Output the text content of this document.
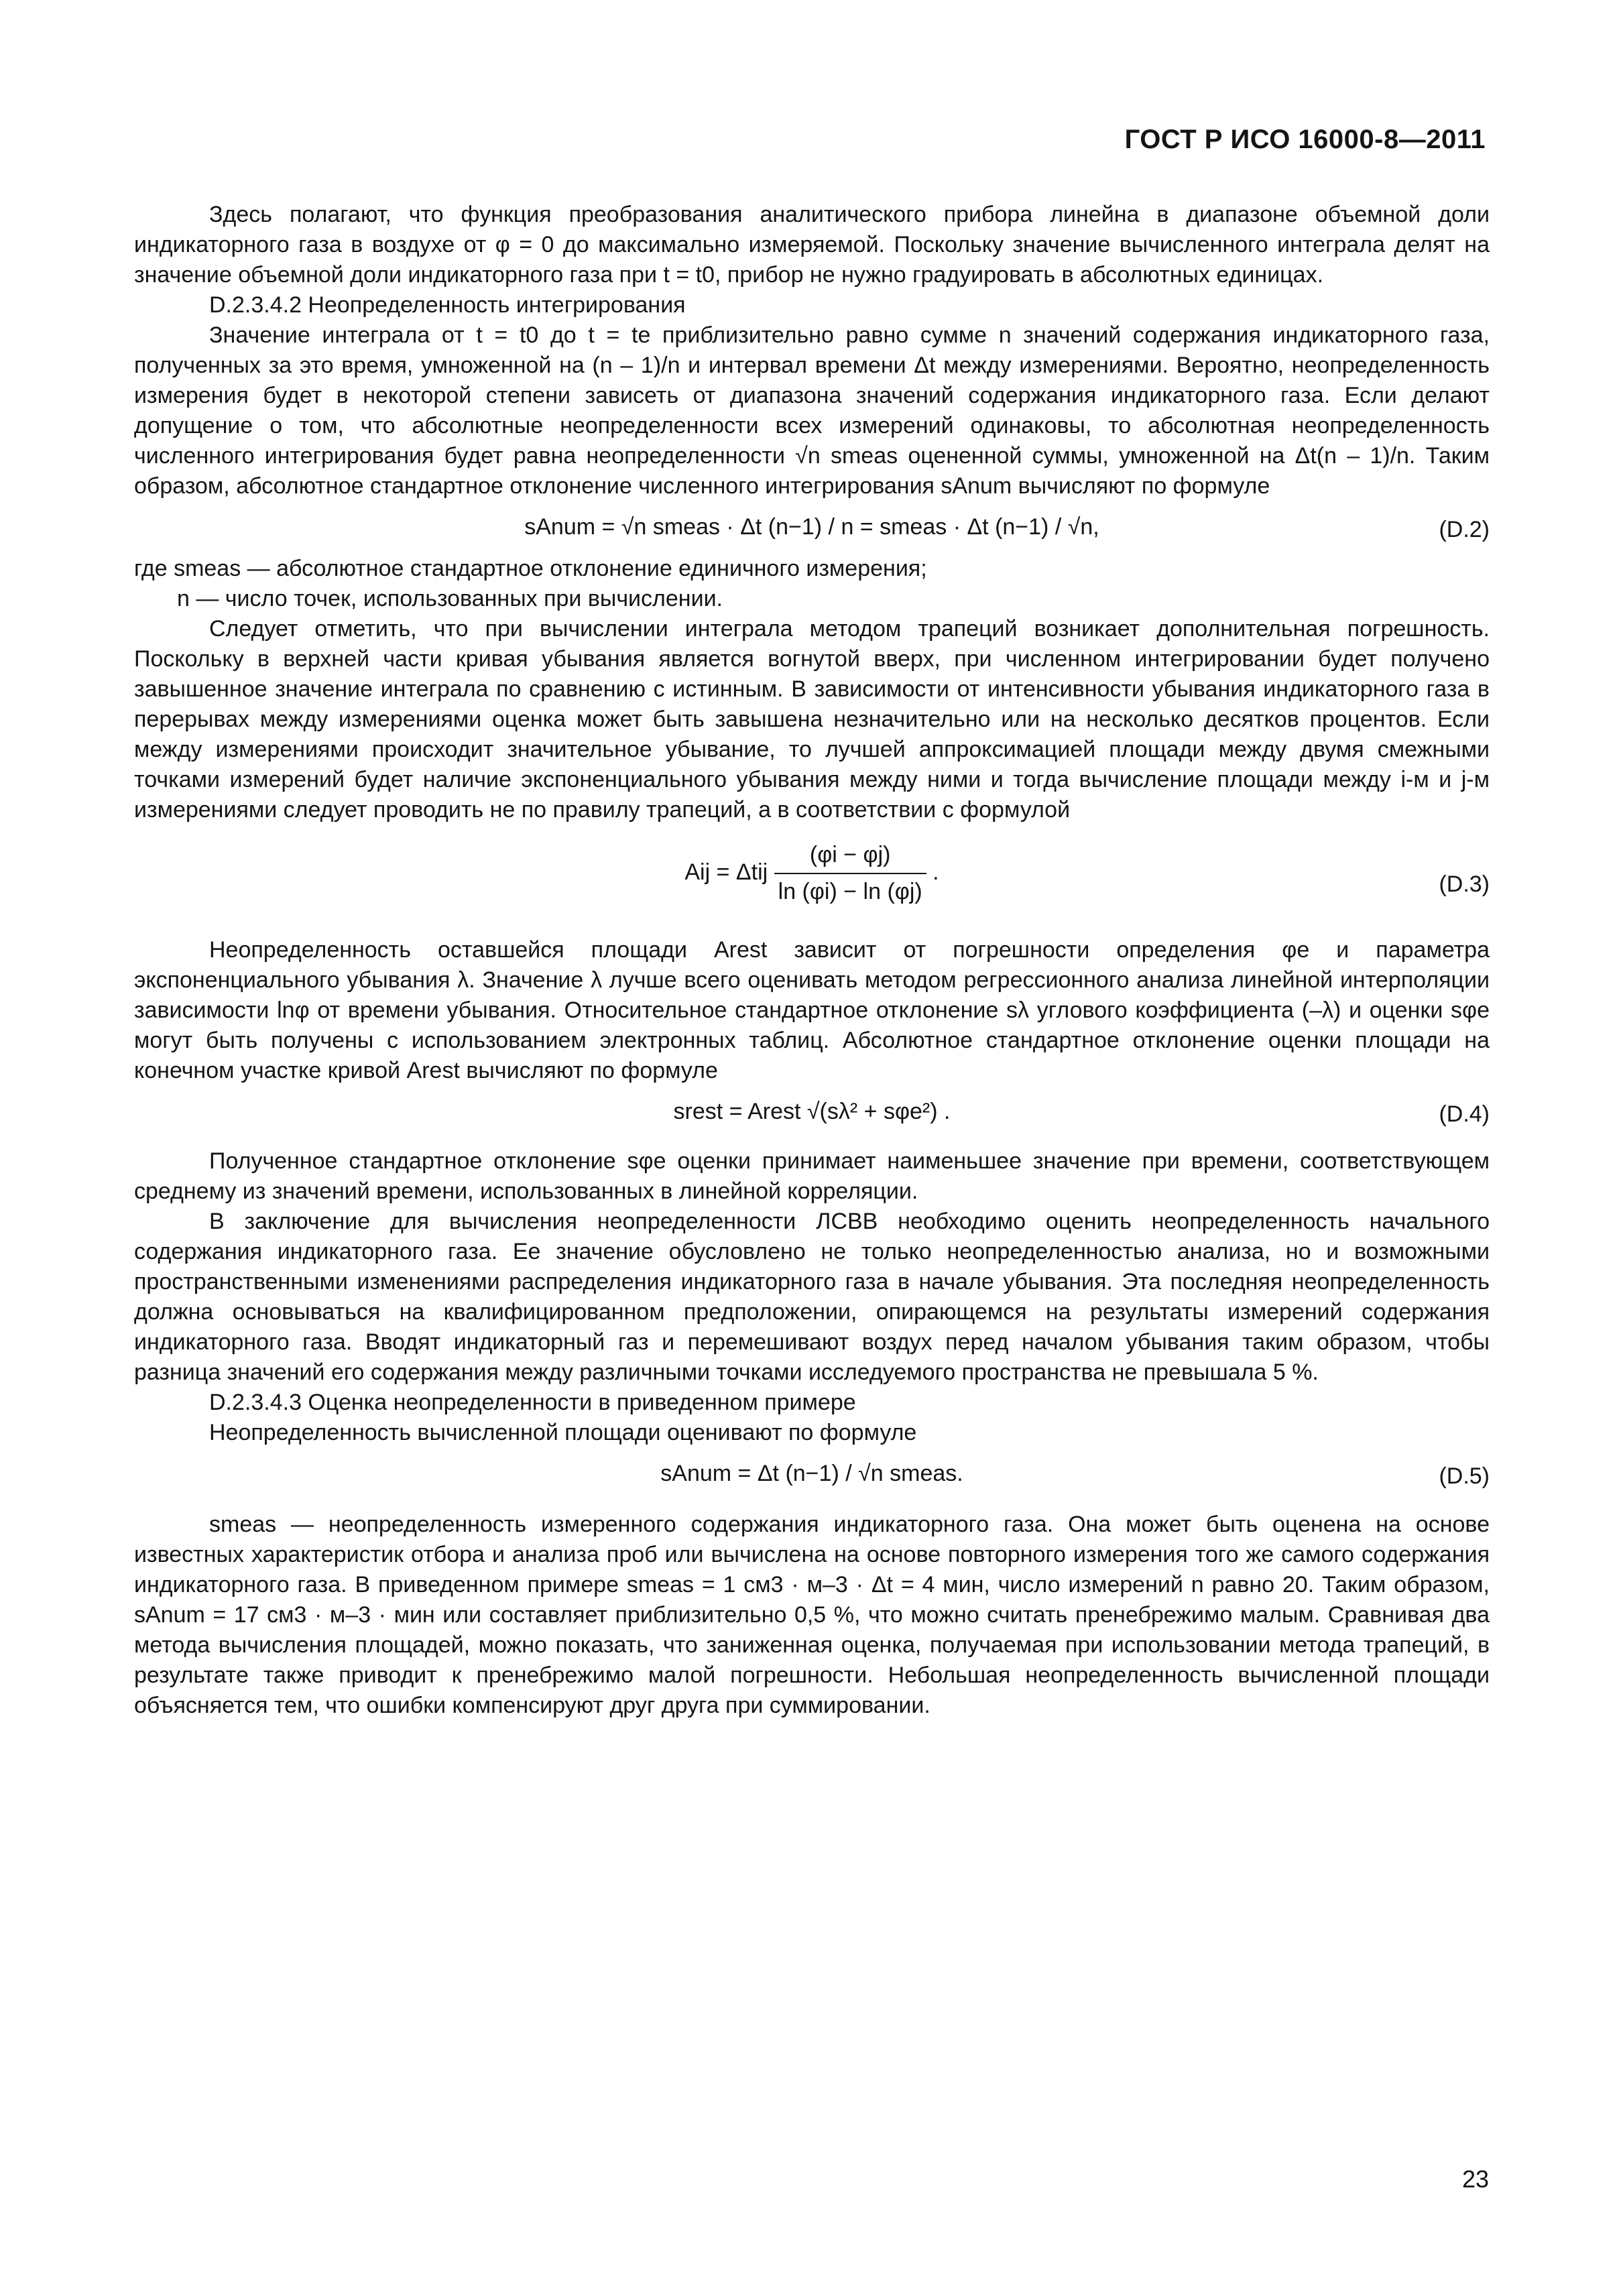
ГОСТ Р ИСО 16000-8—2011

Здесь полагают, что функция преобразования аналитического прибора линейна в диапазоне объемной доли индикаторного газа в воздухе от φ = 0 до максимально измеряемой. Поскольку значение вычисленного интеграла делят на значение объемной доли индикаторного газа при t = t0, прибор не нужно градуировать в абсолютных единицах.

D.2.3.4.2 Неопределенность интегрирования

Значение интеграла от t = t0 до t = te приблизительно равно сумме n значений содержания индикаторного газа, полученных за это время, умноженной на (n – 1)/n и интервал времени Δt между измерениями. Вероятно, неопределенность измерения будет в некоторой степени зависеть от диапазона значений содержания индикаторного газа. Если делают допущение о том, что абсолютные неопределенности всех измерений одинаковы, то абсолютная неопределенность численного интегрирования будет равна неопределенности √n smeas оцененной суммы, умноженной на Δt(n – 1)/n. Таким образом, абсолютное стандартное отклонение численного интегрирования sAnum вычисляют по формуле

sAnum = √n smeas · Δt (n−1) / n = smeas · Δt (n−1) / √n,	(D.2)

где smeas — абсолютное стандартное отклонение единичного измерения;

n — число точек, использованных при вычислении.

Следует отметить, что при вычислении интеграла методом трапеций возникает дополнительная погрешность. Поскольку в верхней части кривая убывания является вогнутой вверх, при численном интегрировании будет получено завышенное значение интеграла по сравнению с истинным. В зависимости от интенсивности убывания индикаторного газа в перерывах между измерениями оценка может быть завышена незначительно или на несколько десятков процентов. Если между измерениями происходит значительное убывание, то лучшей аппроксимацией площади между двумя смежными точками измерений будет наличие экспоненциального убывания между ними и тогда вычисление площади между i-м и j-м измерениями следует проводить не по правилу трапеций, а в соответствии с формулой

Aij = Δtij $\frac{(\varphi i - \varphi j)}{\ln (\varphi i) - \ln (\varphi j)}$ .	(D.3)

Неопределенность оставшейся площади Arest зависит от погрешности определения φe и параметра экспоненциального убывания λ. Значение λ лучше всего оценивать методом регрессионного анализа линейной интерполяции зависимости lnφ от времени убывания. Относительное стандартное отклонение sλ углового коэффициента (–λ) и оценки sφe могут быть получены с использованием электронных таблиц. Абсолютное стандартное отклонение оценки площади на конечном участке кривой Arest вычисляют по формуле

srest = Arest √(sλ² + sφe²) .	(D.4)

Полученное стандартное отклонение sφe оценки принимает наименьшее значение при времени, соответствующем среднему из значений времени, использованных в линейной корреляции.

В заключение для вычисления неопределенности ЛСВВ необходимо оценить неопределенность начального содержания индикаторного газа. Ее значение обусловлено не только неопределенностью анализа, но и возможными пространственными изменениями распределения индикаторного газа в начале убывания. Эта последняя неопределенность должна основываться на квалифицированном предположении, опирающемся на результаты измерений содержания индикаторного газа. Вводят индикаторный газ и перемешивают воздух перед началом убывания таким образом, чтобы разница значений его содержания между различными точками исследуемого пространства не превышала 5 %.

D.2.3.4.3 Оценка неопределенности в приведенном примере

Неопределенность вычисленной площади оценивают по формуле

sAnum = Δt (n−1) / √n smeas.	(D.5)

smeas — неопределенность измеренного содержания индикаторного газа. Она может быть оценена на основе известных характеристик отбора и анализа проб или вычислена на основе повторного измерения того же самого содержания индикаторного газа. В приведенном примере smeas = 1 см3 · м–3 · Δt = 4 мин, число измерений n равно 20. Таким образом, sAnum = 17 см3 · м–3 · мин или составляет приблизительно 0,5 %, что можно считать пренебрежимо малым. Сравнивая два метода вычисления площадей, можно показать, что заниженная оценка, получаемая при использовании метода трапеций, в результате также приводит к пренебрежимо малой погрешности. Небольшая неопределенность вычисленной площади объясняется тем, что ошибки компенсируют друг друга при суммировании.

23
